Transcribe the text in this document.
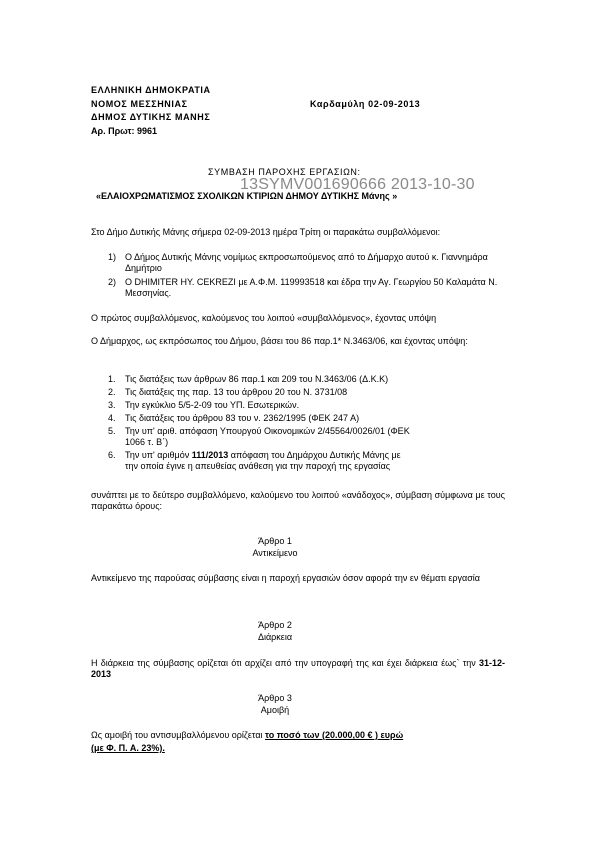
ΕΛΛΗΝΙΚΗ ΔΗΜΟΚΡΑΤΙΑ
ΝΟΜΟΣ ΜΕΣΣΗΝΙΑΣ
ΔΗΜΟΣ ΔΥΤΙΚΗΣ ΜΑΝΗΣ
Αρ. Πρωτ: 9961
Καρδαμύλη 02-09-2013
ΣΥΜΒΑΣΗ ΠΑΡΟΧΗΣ ΕΡΓΑΣΙΩΝ:
13SYMV001690666 2013-10-30
«ΕΛΑΙΟΧΡΩΜΑΤΙΣΜΟΣ ΣΧΟΛΙΚΩΝ ΚΤΙΡΙΩΝ ΔΗΜΟΥ ΔΥΤΙΚΗΣ Μάνης »
Στο Δήμο Δυτικής Μάνης σήμερα 02-09-2013 ημέρα Τρίτη οι παρακάτω συμβαλλόμενοι:
1) Ο Δήμος Δυτικής Μάνης νομίμως εκπροσωπούμενος από το Δήμαρχο αυτού κ. Γιαννημάρα Δημήτριο
2) Ο DHIMITER HY. CEKREZI με Α.Φ.Μ. 119993518 και έδρα την Αγ. Γεωργίου 50 Καλαμάτα Ν. Μεσσηνίας.
Ο πρώτος συμβαλλόμενος, καλούμενος του λοιπού «συμβαλλόμενος», έχοντας υπόψη
Ο Δήμαρχος, ως εκπρόσωπος του Δήμου, βάσει του 86 παρ.1* Ν.3463/06, και έχοντας υπόψη:
1. Τις διατάξεις των άρθρων 86 παρ.1 και 209 του Ν.3463/06 (Δ.Κ.Κ)
2. Τις διατάξεις της παρ. 13 του άρθρου 20 του Ν. 3731/08
3. Την εγκύκλιο 5/5-2-09 του ΥΠ. Εσωτερικών.
4. Τις διατάξεις του άρθρου 83 του ν. 2362/1995 (ΦΕΚ 247 Α)
5. Την υπ' αριθ. απόφαση Υπουργού Οικονομικών 2/45564/0026/01 (ΦΕΚ 1066 τ. Β΄)
6. Την υπ' αριθμόν 111/2013 απόφαση του Δημάρχου Δυτικής Μάνης με την οποία έγινε η απευθείας ανάθεση για την παροχή της εργασίας
συνάπτει με το δεύτερο συμβαλλόμενο, καλούμενο του λοιπού «ανάδοχος», σύμβαση σύμφωνα με τους παρακάτω όρους:
Άρθρο 1
Αντικείμενο
Αντικείμενο της παρούσας σύμβασης είναι η παροχή εργασιών όσον αφορά την εν θέματι εργασία
Άρθρο 2
Διάρκεια
Η διάρκεια της σύμβασης ορίζεται ότι αρχίζει από την υπογραφή της και έχει διάρκεια έως` την 31-12-2013
Άρθρο 3
Αμοιβή
Ως αμοιβή του αντισυμβαλλόμενου ορίζεται το ποσό των (20.000,00 € ) ευρώ
(με Φ. Π. Α. 23%).
